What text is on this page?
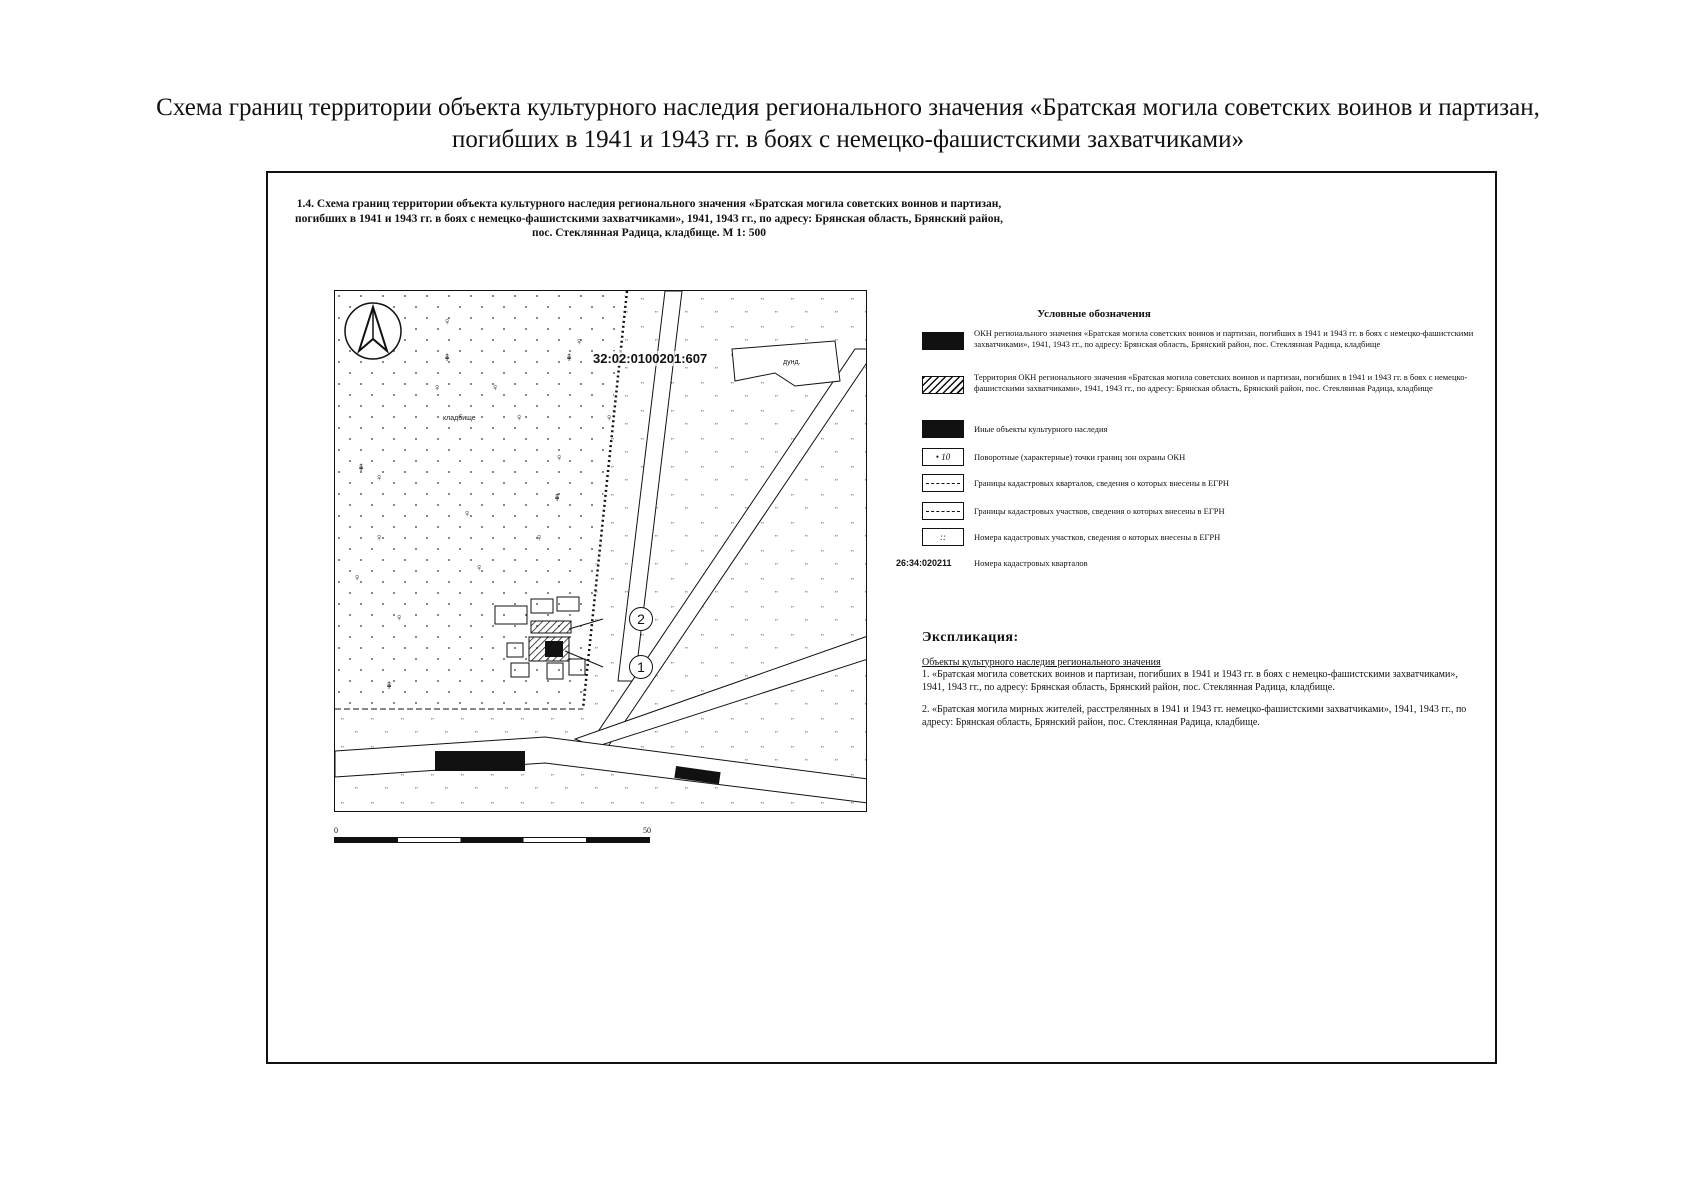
Схема границ территории объекта культурного наследия регионального значения «Братская могила советских воинов и партизан, погибших в 1941 и 1943 гг. в боях с немецко-фашистскими захватчиками»
1.4. Схема границ территории объекта культурного наследия регионального значения «Братская могила советских воинов и партизан, погибших в 1941 и 1943 гг. в боях с немецко-фашистскими захватчиками», 1941, 1943 гг., по адресу: Брянская область, Брянский район, пос. Стеклянная Радица, кладбище. М 1: 500
♀
♀
♀
♀
♀
♀
♀
♀
♀
♀
♀
♀
♀
♀
⇞	⇞
⇞
⇞
⇞
кладбище
дунд.
32:02:0100201:607
2
1
0	50
Условные обозначения
ОКН регионального значения «Братская могила советских воинов и партизан, погибших в 1941 и 1943 гг. в боях с немецко-фашистскими захватчиками», 1941, 1943 гг., по адресу: Брянская область, Брянский район, пос. Стеклянная Радица, кладбище
Территория ОКН регионального значения «Братская могила советских воинов и партизан, погибших в 1941 и 1943 гг. в боях с немецко-фашистскими захватчиками», 1941, 1943 гг., по адресу: Брянская область, Брянский район, пос. Стеклянная Радица, кладбище
Иные объекты культурного наследия
• 10	Поворотные (характерные) точки границ зон охраны ОКН
Границы кадастровых кварталов, сведения о которых внесены в ЕГРН
Границы кадастровых участков, сведения о которых внесены в ЕГРН
::	Номера кадастровых участков, сведения о которых внесены в ЕГРН
26:34:020211	Номера кадастровых кварталов
Экспликация:
Объекты культурного наследия регионального значения

1. «Братская могила советских воинов и партизан, погибших в 1941 и 1943 гг. в боях с немецко-фашистскими захватчиками», 1941, 1943 гг., по адресу: Брянская область, Брянский район, пос. Стеклянная Радица, кладбище.

2. «Братская могила мирных жителей, расстрелянных в 1941 и 1943 гг. немецко-фашистскими захватчиками», 1941, 1943 гг., по адресу: Брянская область, Брянский район, пос. Стеклянная Радица, кладбище.
